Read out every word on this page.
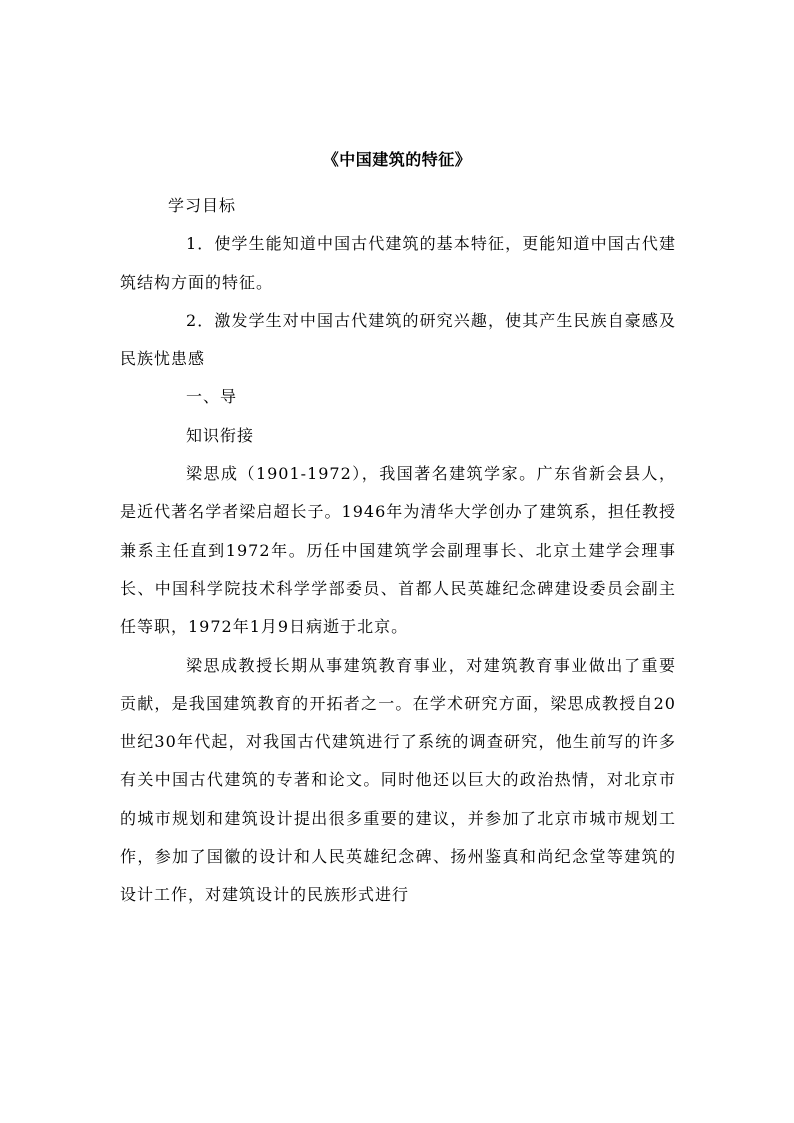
《中国建筑的特征》

学习目标

1．使学生能知道中国古代建筑的基本特征，更能知道中国古代建筑结构方面的特征。

2．激发学生对中国古代建筑的研究兴趣，使其产生民族自豪感及民族忧患感

一、导

知识衔接

梁思成（1901-1972），我国著名建筑学家。广东省新会县人，是近代著名学者梁启超长子。1946年为清华大学创办了建筑系，担任教授兼系主任直到1972年。历任中国建筑学会副理事长、北京土建学会理事长、中国科学院技术科学学部委员、首都人民英雄纪念碑建设委员会副主任等职，1972年1月9日病逝于北京。

梁思成教授长期从事建筑教育事业，对建筑教育事业做出了重要贡献，是我国建筑教育的开拓者之一。在学术研究方面，梁思成教授自20世纪30年代起，对我国古代建筑进行了系统的调查研究，他生前写的许多有关中国古代建筑的专著和论文。同时他还以巨大的政治热情，对北京市的城市规划和建筑设计提出很多重要的建议，并参加了北京市城市规划工作，参加了国徽的设计和人民英雄纪念碑、扬州鉴真和尚纪念堂等建筑的设计工作，对建筑设计的民族形式进行
